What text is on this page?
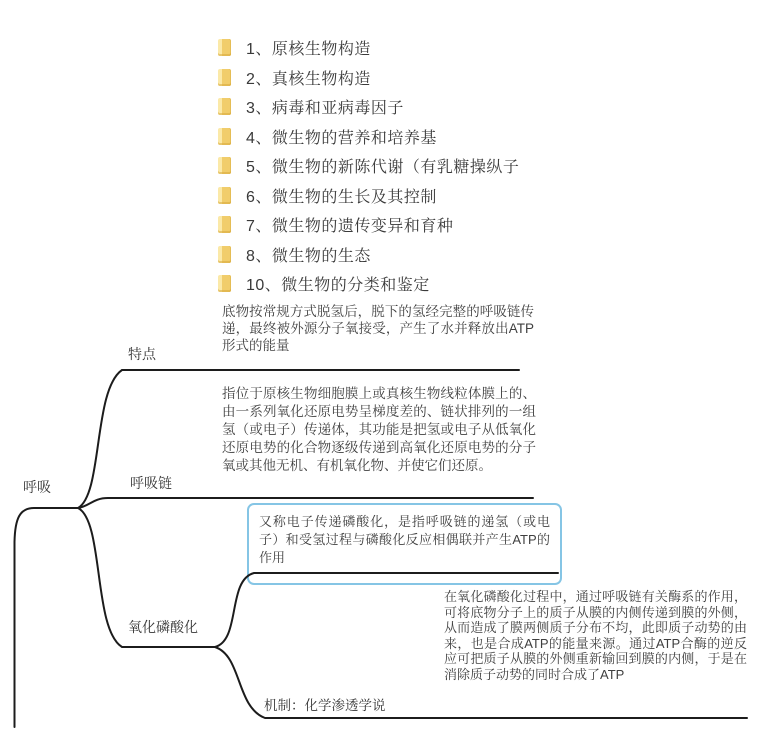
1、原核生物构造
2、真核生物构造
3、病毒和亚病毒因子
4、微生物的营养和培养基
5、微生物的新陈代谢（有乳糖操纵子
6、微生物的生长及其控制
7、微生物的遗传变异和育种
8、微生物的生态
10、微生物的分类和鉴定
呼吸
特点
底物按常规方式脱氢后，脱下的氢经完整的呼吸链传递，最终被外源分子氧接受，产生了水并释放出ATP形式的能量
呼吸链
指位于原核生物细胞膜上或真核生物线粒体膜上的、由一系列氧化还原电势呈梯度差的、链状排列的一组氢（或电子）传递体，其功能是把氢或电子从低氧化还原电势的化合物逐级传递到高氧化还原电势的分子氧或其他无机、有机氧化物、并使它们还原。
氧化磷酸化
又称电子传递磷酸化，是指呼吸链的递氢（或电子）和受氢过程与磷酸化反应相偶联并产生ATP的作用
机制：化学渗透学说
在氧化磷酸化过程中，通过呼吸链有关酶系的作用，可将底物分子上的质子从膜的内侧传递到膜的外侧，从而造成了膜两侧质子分布不均，此即质子动势的由来，也是合成ATP的能量来源。通过ATP合酶的逆反应可把质子从膜的外侧重新输回到膜的内侧，于是在消除质子动势的同时合成了ATP
